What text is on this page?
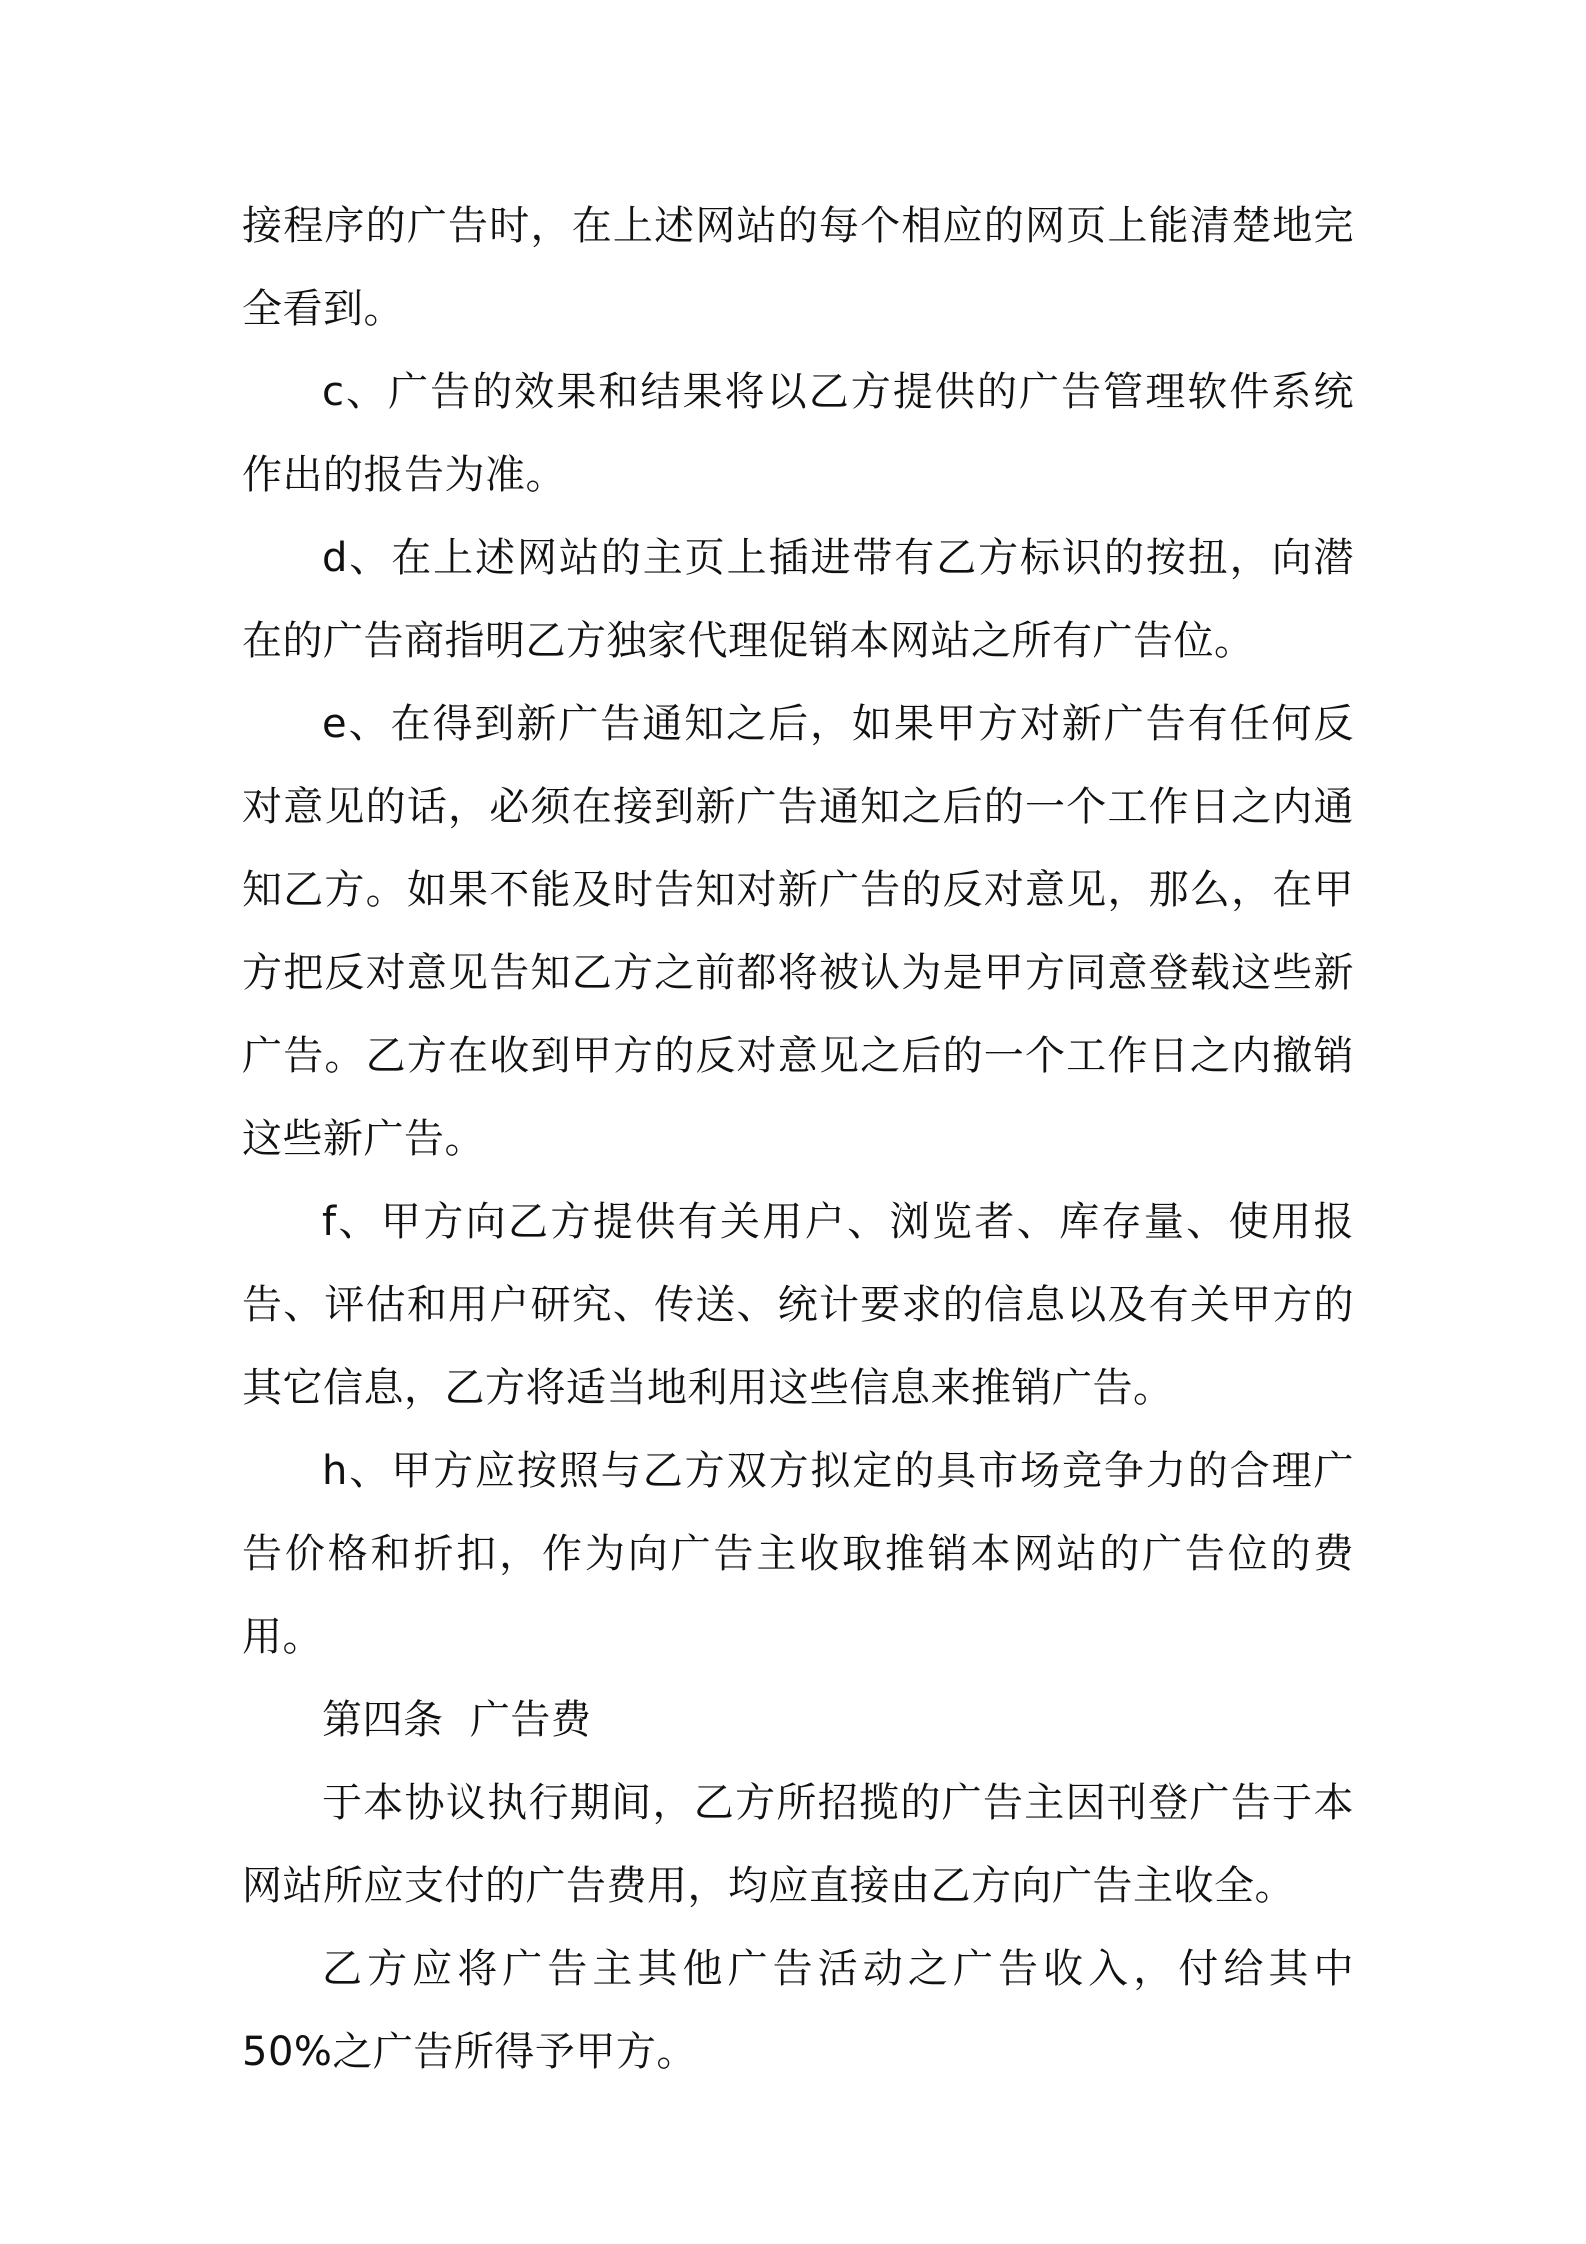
接程序的广告时，在上述网站的每个相应的网页上能清楚地完全看到。

c、广告的效果和结果将以乙方提供的广告管理软件系统作出的报告为准。

d、在上述网站的主页上插进带有乙方标识的按扭，向潜在的广告商指明乙方独家代理促销本网站之所有广告位。

e、在得到新广告通知之后，如果甲方对新广告有任何反对意见的话，必须在接到新广告通知之后的一个工作日之内通知乙方。如果不能及时告知对新广告的反对意见，那么，在甲方把反对意见告知乙方之前都将被认为是甲方同意登载这些新广告。乙方在收到甲方的反对意见之后的一个工作日之内撤销这些新广告。

f、甲方向乙方提供有关用户、浏览者、库存量、使用报告、评估和用户研究、传送、统计要求的信息以及有关甲方的其它信息，乙方将适当地利用这些信息来推销广告。

h、甲方应按照与乙方双方拟定的具市场竞争力的合理广告价格和折扣，作为向广告主收取推销本网站的广告位的费用。

第四条  广告费

于本协议执行期间，乙方所招揽的广告主因刊登广告于本网站所应支付的广告费用，均应直接由乙方向广告主收全。

乙方应将广告主其他广告活动之广告收入，付给其中 50%之广告所得予甲方。
